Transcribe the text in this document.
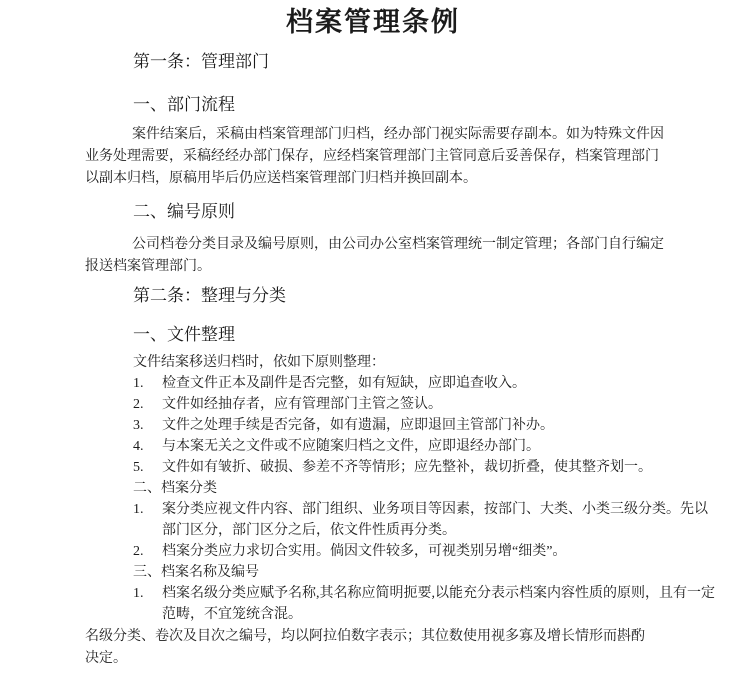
档案管理条例
第一条：管理部门
一、部门流程

案件结案后，采稿由档案管理部门归档，经办部门视实际需要存副本。如为特殊文件因业务处理需要，采稿经经办部门保存，应经档案管理部门主管同意后妥善保存，档案管理部门以副本归档，原稿用毕后仍应送档案管理部门归档并换回副本。

二、编号原则

公司档卷分类目录及编号原则，由公司办公室档案管理统一制定管理；各部门自行编定报送档案管理部门。

第二条：整理与分类
一、文件整理
文件结案移送归档时，依如下原则整理：
1.	检查文件正本及副件是否完整，如有短缺，应即追查收入。
2.	文件如经抽存者，应有管理部门主管之签认。
3.	文件之处理手续是否完备，如有遗漏，应即退回主管部门补办。
4.	与本案无关之文件或不应随案归档之文件，应即退经办部门。
5.	文件如有皱折、破损、参差不齐等情形；应先整补，裁切折叠，使其整齐划一。
二、档案分类
1.	案分类应视文件内容、部门组织、业务项目等因素，按部门、大类、小类三级分类。先以部门区分，部门区分之后，依文件性质再分类。
2.	档案分类应力求切合实用。倘因文件较多，可视类别另增“细类”。
三、档案名称及编号
1.	档案名级分类应赋予名称,其名称应简明扼要,以能充分表示档案内容性质的原则，且有一定范畴，不宜笼统含混。

名级分类、卷次及目次之编号，均以阿拉伯数字表示；其位数使用视多寡及增长情形而斟酌决定。
